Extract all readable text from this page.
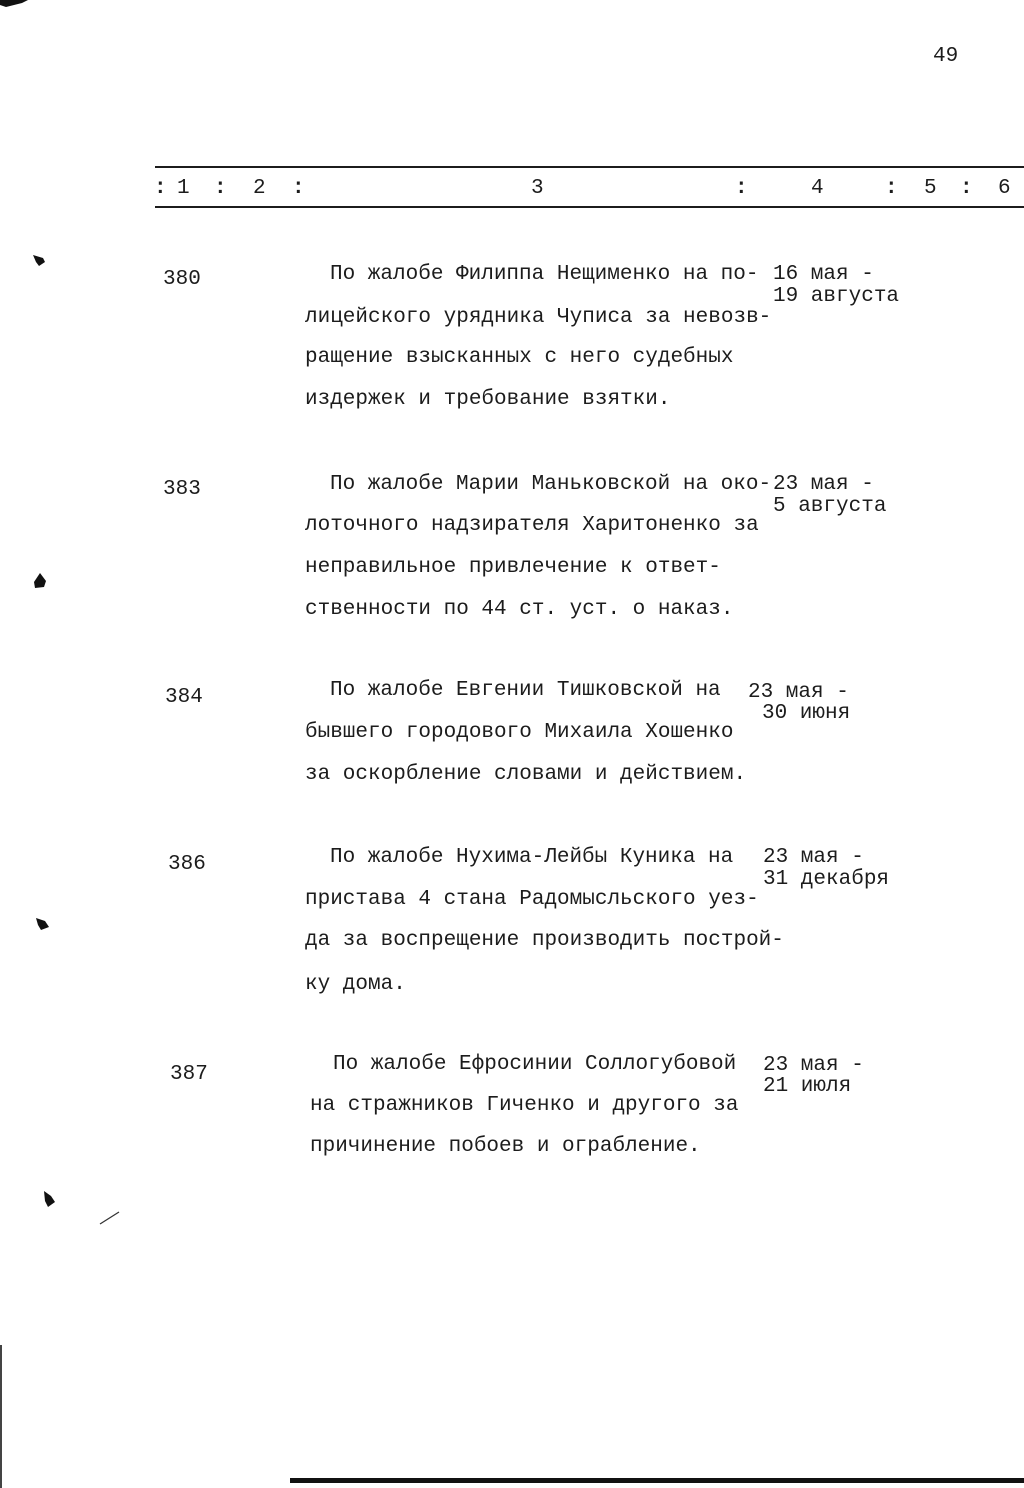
49
: 1 : 2 :	3	:	4	: 5 : 6
380	По жалобе Филиппа Нещименко на по-
лицейского урядника Чуписа за невозв-
ращение взысканных с него судебных
издержек и требование взятки.
16 мая -
19 августа
383	По жалобе Марии Маньковской на око-
лоточного надзирателя Харитоненко за
неправильное привлечение к ответ-
ственности по 44 ст. уст. о наказ.
23 мая -
5 августа
384	По жалобе Евгении Тишковской на
бывшего городового Михаила Хошенко
за оскорбление словами и действием.
23 мая -
30 июня
386	По жалобе Нухима-Лейбы Куника на
пристава 4 стана Радомысльского уез-
да за воспрещение производить построй-
ку дома.
23 мая -
31 декабря
387	По жалобе Ефросинии Соллогубовой
на стражников Гиченко и другого за
причинение побоев и ограбление.
23 мая -
21 июля
